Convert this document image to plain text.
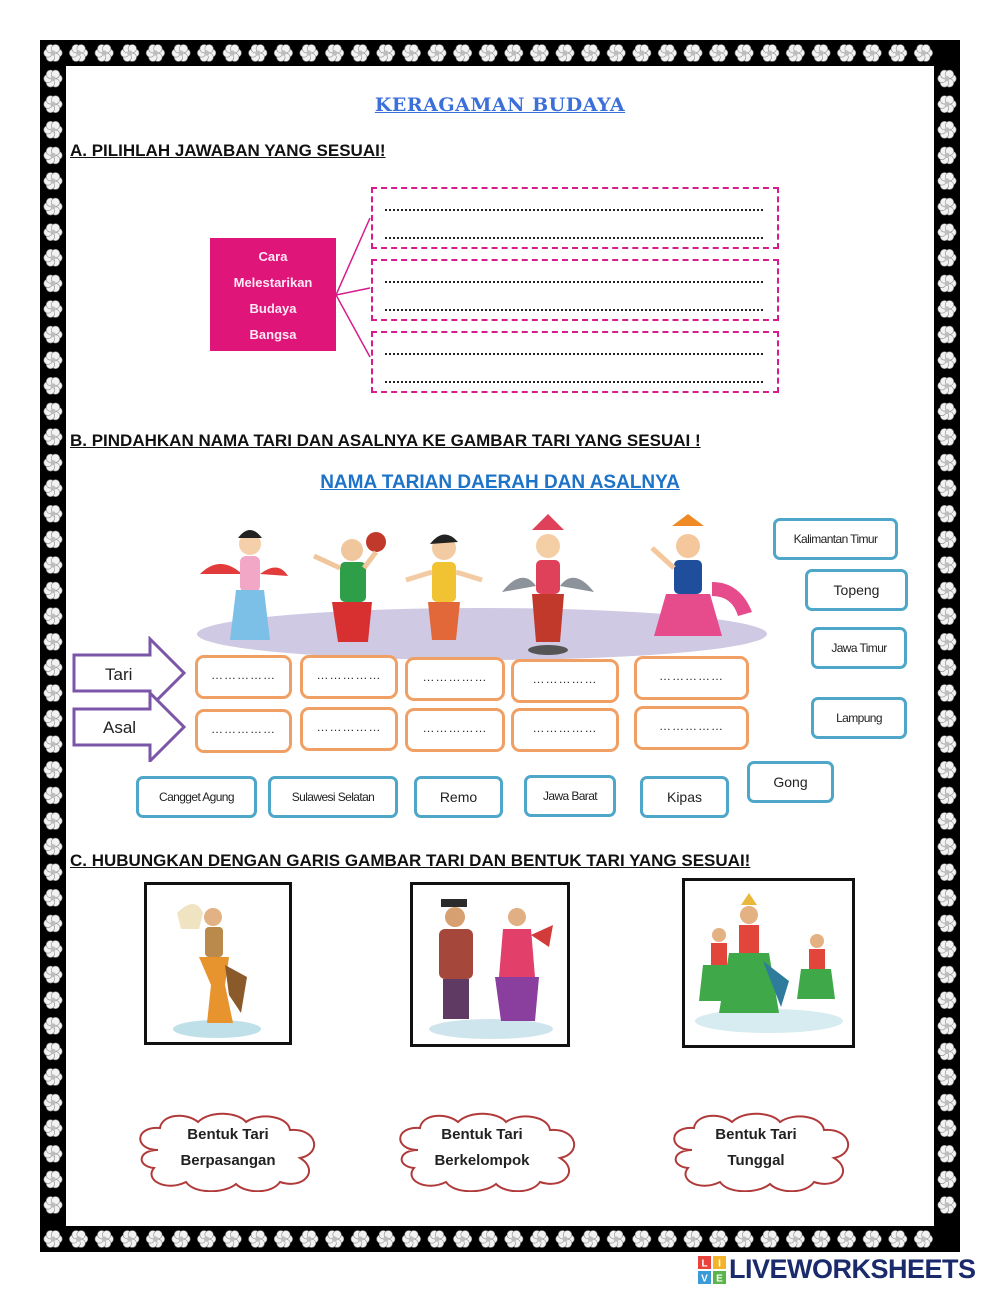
KERAGAMAN BUDAYA
A. PILIHLAH JAWABAN YANG SESUAI!
Cara
Melestarikan
Budaya
Bangsa
B. PINDAHKAN NAMA TARI DAN ASALNYA KE GAMBAR TARI YANG SESUAI !
NAMA TARIAN DAERAH DAN ASALNYA
Tari
Asal
……………	……………	……………	……………	……………
……………	……………	……………	……………	……………
Kalimantan Timur
Topeng
Jawa Timur
Lampung
Gong
Cangget Agung	Sulawesi Selatan	Remo	Jawa Barat	Kipas
C. HUBUNGKAN DENGAN GARIS GAMBAR TARI DAN BENTUK TARI YANG SESUAI!
Bentuk Tari
Berpasangan
Bentuk Tari
Berkelompok
Bentuk Tari
Tunggal
L I
V E LIVEWORKSHEETS
